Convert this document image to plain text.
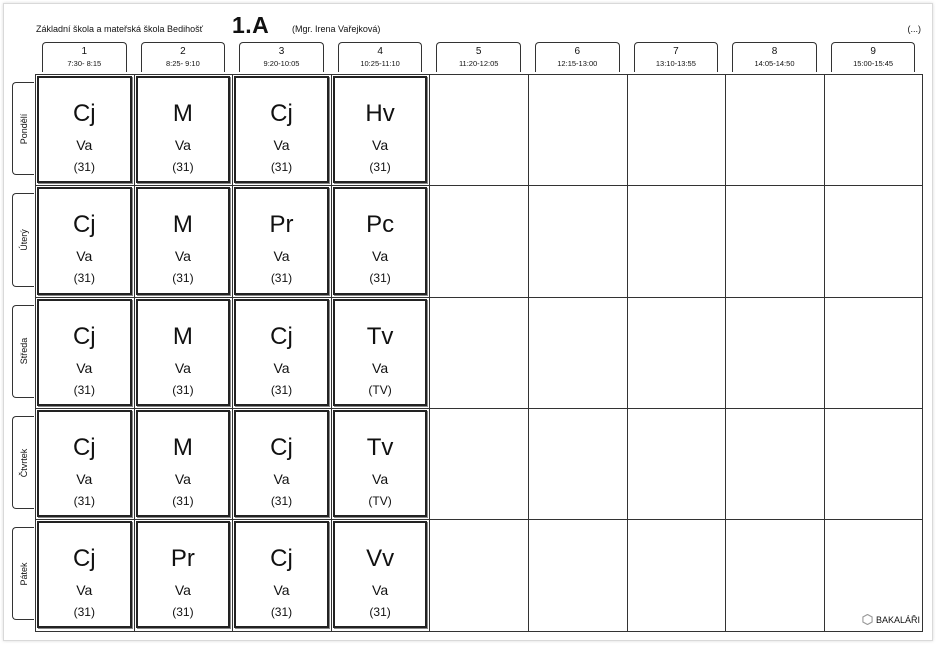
Základní škola a mateřská škola Bedihošť 1.A	(Mgr. Irena Vařejková)	(...)
1
7:30- 8:15
2
8:25- 9:10
3
9:20-10:05
4
10:25-11:10
5
11:20-12:05
6
12:15-13:00
7
13:10-13:55
8
14:05-14:50
9
15:00-15:45
Pondělí
Úterý
Středa
Čtvrtek
Pátek
Cj
Va
(31)
M
Va
(31)
Cj
Va
(31)
Hv
Va
(31)
Cj
Va
(31)
M
Va
(31)
Pr
Va
(31)
Pc
Va
(31)
Cj
Va
(31)
M
Va
(31)
Cj
Va
(31)
Tv
Va
(TV)
Cj
Va
(31)
M
Va
(31)
Cj
Va
(31)
Tv
Va
(TV)
Cj
Va
(31)
Pr
Va
(31)
Cj
Va
(31)
Vv
Va
(31)
BAKALÁŘI
